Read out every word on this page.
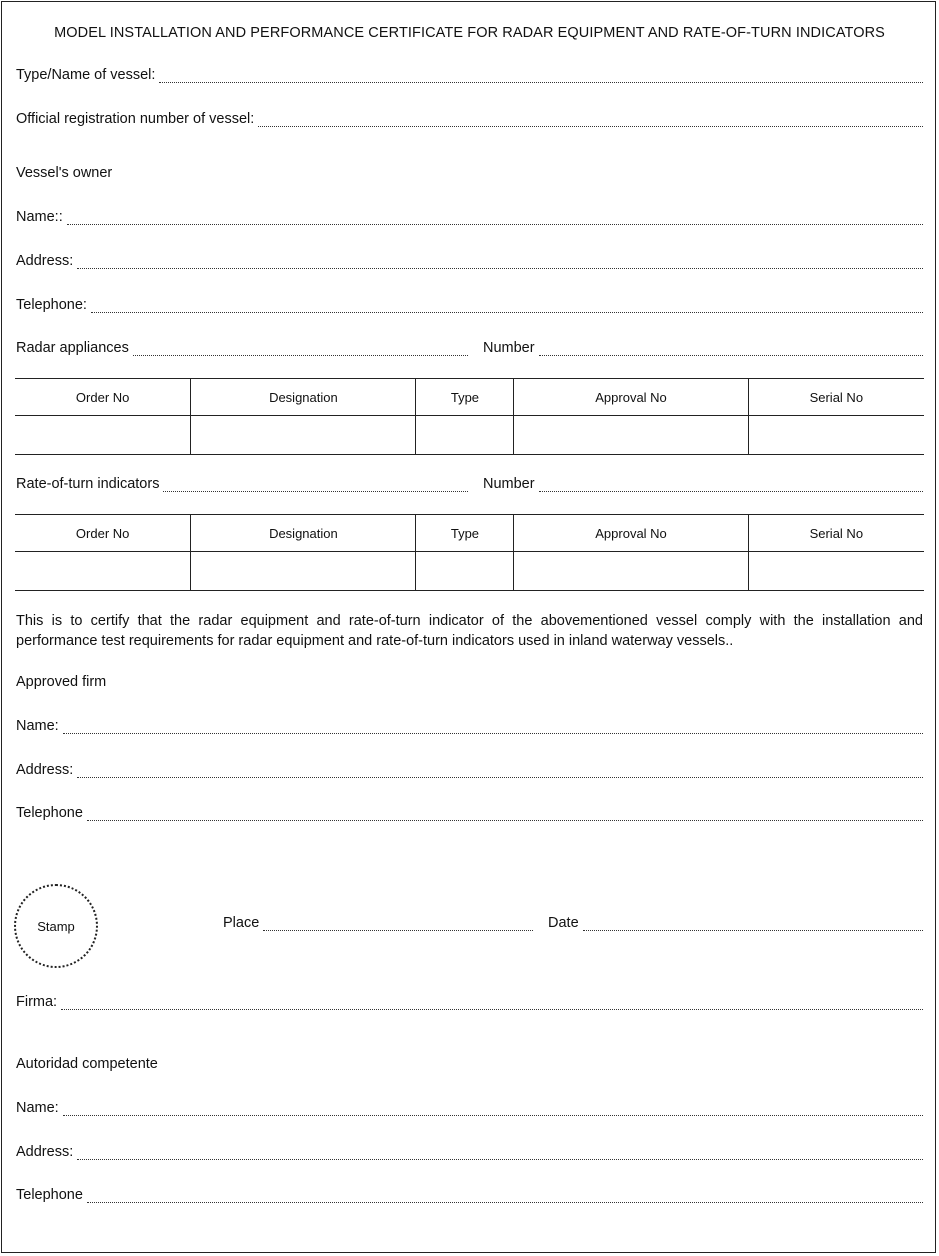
MODEL INSTALLATION AND PERFORMANCE CERTIFICATE FOR RADAR EQUIPMENT AND RATE-OF-TURN INDICATORS
Type/Name of vessel:
Official registration number of vessel:
Vessel's owner
Name::
Address:
Telephone:
Radar appliances	Number
Order No	Designation	Type	Approval No	Serial No

Rate-of-turn indicators	Number
Order No	Designation	Type	Approval No	Serial No

This is to certify that the radar equipment and rate-of-turn indicator of the abovementioned vessel comply with the installation and performance test requirements for radar equipment and rate-of-turn indicators used in inland waterway vessels..
Approved firm
Name:
Address:
Telephone
Stamp	Place	Date
Firma:
Autoridad competente
Name:
Address:
Telephone
